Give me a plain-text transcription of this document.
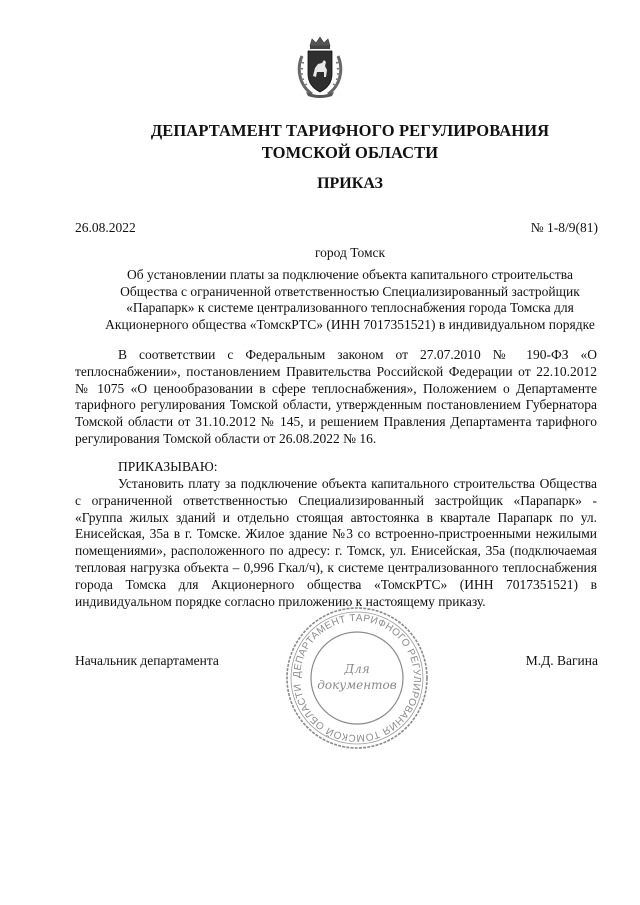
ДЕПАРТАМЕНТ ТАРИФНОГО РЕГУЛИРОВАНИЯ
ТОМСКОЙ ОБЛАСТИ
ПРИКАЗ
26.08.2022	№ 1-8/9(81)
город Томск
Об установлении платы за подключение объекта капитального строительства
Общества с ограниченной ответственностью Специализированный застройщик
«Парапарк» к системе централизованного теплоснабжения города Томска для
Акционерного общества «ТомскРТС» (ИНН 7017351521) в индивидуальном порядке
В соответствии с Федеральным законом от 27.07.2010 № 190-ФЗ «О теплоснабжении», постановлением Правительства Российской Федерации от 22.10.2012 № 1075 «О ценообразовании в сфере теплоснабжения», Положением о Департаменте тарифного регулирования Томской области, утвержденным постановлением Губернатора Томской области от 31.10.2012 № 145, и решением Правления Департамента тарифного регулирования Томской области от 26.08.2022 № 16.
ПРИКАЗЫВАЮ:
Установить плату за подключение объекта капитального строительства Общества с ограниченной ответственностью Специализированный застройщик «Парапарк» - «Группа жилых зданий и отдельно стоящая автостоянка в квартале Парапарк по ул. Енисейская, 35а в г. Томске. Жилое здание №3 со встроенно-пристроенными нежилыми помещениями», расположенного по адресу: г. Томск, ул. Енисейская, 35а (подключаемая тепловая нагрузка объекта – 0,996 Гкал/ч), к системе централизованного теплоснабжения города Томска для Акционерного общества «ТомскРТС» (ИНН 7017351521) в индивидуальном порядке согласно приложению к настоящему приказу.
Начальник департамента	М.Д. Вагина
ДЕПАРТАМЕНТ ТАРИФНОГО РЕГУЛИРОВАНИЯ ТОМСКОЙ ОБЛАСТИ
Для
документов
